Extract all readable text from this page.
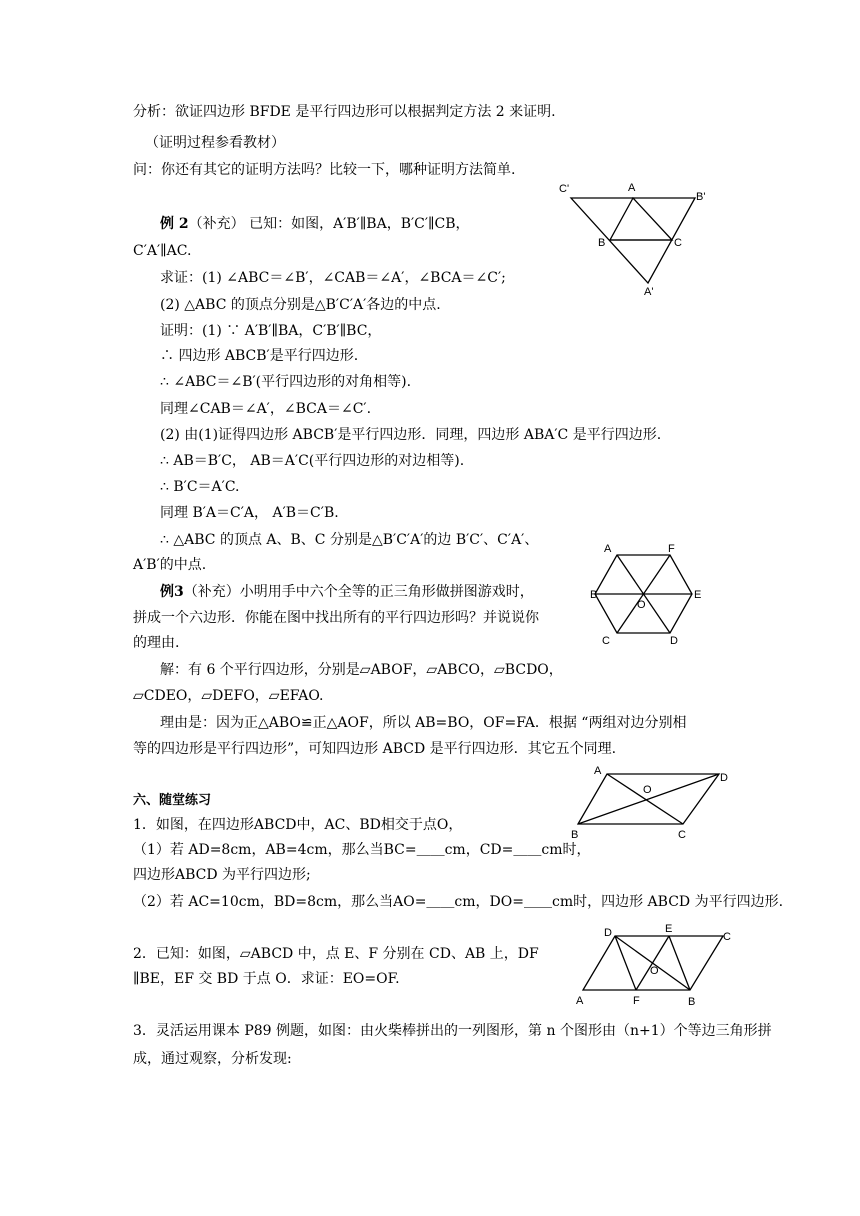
分析：欲证四边形 BFDE 是平行四边形可以根据判定方法 2 来证明.
（证明过程参看教材）
问：你还有其它的证明方法吗？比较一下，哪种证明方法简单.
例 2（补充） 已知：如图，A′B′∥BA，B′C′∥CB，
C′A′∥AC.
求证：(1) ∠ABC＝∠B′，∠CAB＝∠A′，∠BCA＝∠C′;
(2) △ABC 的顶点分别是△B′C′A′各边的中点.
证明：(1) ∵ A′B′∥BA，C′B′∥BC，
∴ 四边形 ABCB′是平行四边形.
∴ ∠ABC＝∠B′(平行四边形的对角相等).
同理∠CAB＝∠A′，∠BCA＝∠C′.
(2) 由(1)证得四边形 ABCB′是平行四边形．同理，四边形 ABA′C 是平行四边形.
∴ AB＝B′C， AB＝A′C(平行四边形的对边相等).
∴ B′C＝A′C.
同理 B′A＝C′A， A′B＝C′B.
∴ △ABC 的顶点 A、B、C 分别是△B′C′A′的边 B′C′、C′A′、
A′B′的中点.
例3（补充）小明用手中六个全等的正三角形做拼图游戏时，
拼成一个六边形．你能在图中找出所有的平行四边形吗？并说说你
的理由.
解：有 6 个平行四边形，分别是▱ABOF，▱ABCO，▱BCDO，
▱CDEO，▱DEFO，▱EFAO.
理由是：因为正△ABO≌正△AOF，所以 AB=BO，OF=FA．根据 “两组对边分别相
等的四边形是平行四边形”，可知四边形 ABCD 是平行四边形．其它五个同理.
六、随堂练习
1．如图，在四边形ABCD中，AC、BD相交于点O，
（1）若 AD=8cm，AB=4cm，那么当BC=＿＿cm，CD=＿＿cm时，
四边形ABCD 为平行四边形;
（2）若 AC=10cm，BD=8cm，那么当AO=＿＿cm，DO=＿＿cm时，四边形 ABCD 为平行四边形.
2．已知：如图，▱ABCD 中，点 E、F 分别在 CD、AB 上，DF
∥BE，EF 交 BD 于点 O．求证：EO=OF.
3．灵活运用课本 P89 例题，如图：由火柴棒拼出的一列图形，第 n 个图形由（n+1）个等边三角形拼
成，通过观察，分析发现:
C'	A
B'
B	C
A'
A	F
B	E
O
C	D
A
D
O
B	C
D	E
C
O
A	F	B
